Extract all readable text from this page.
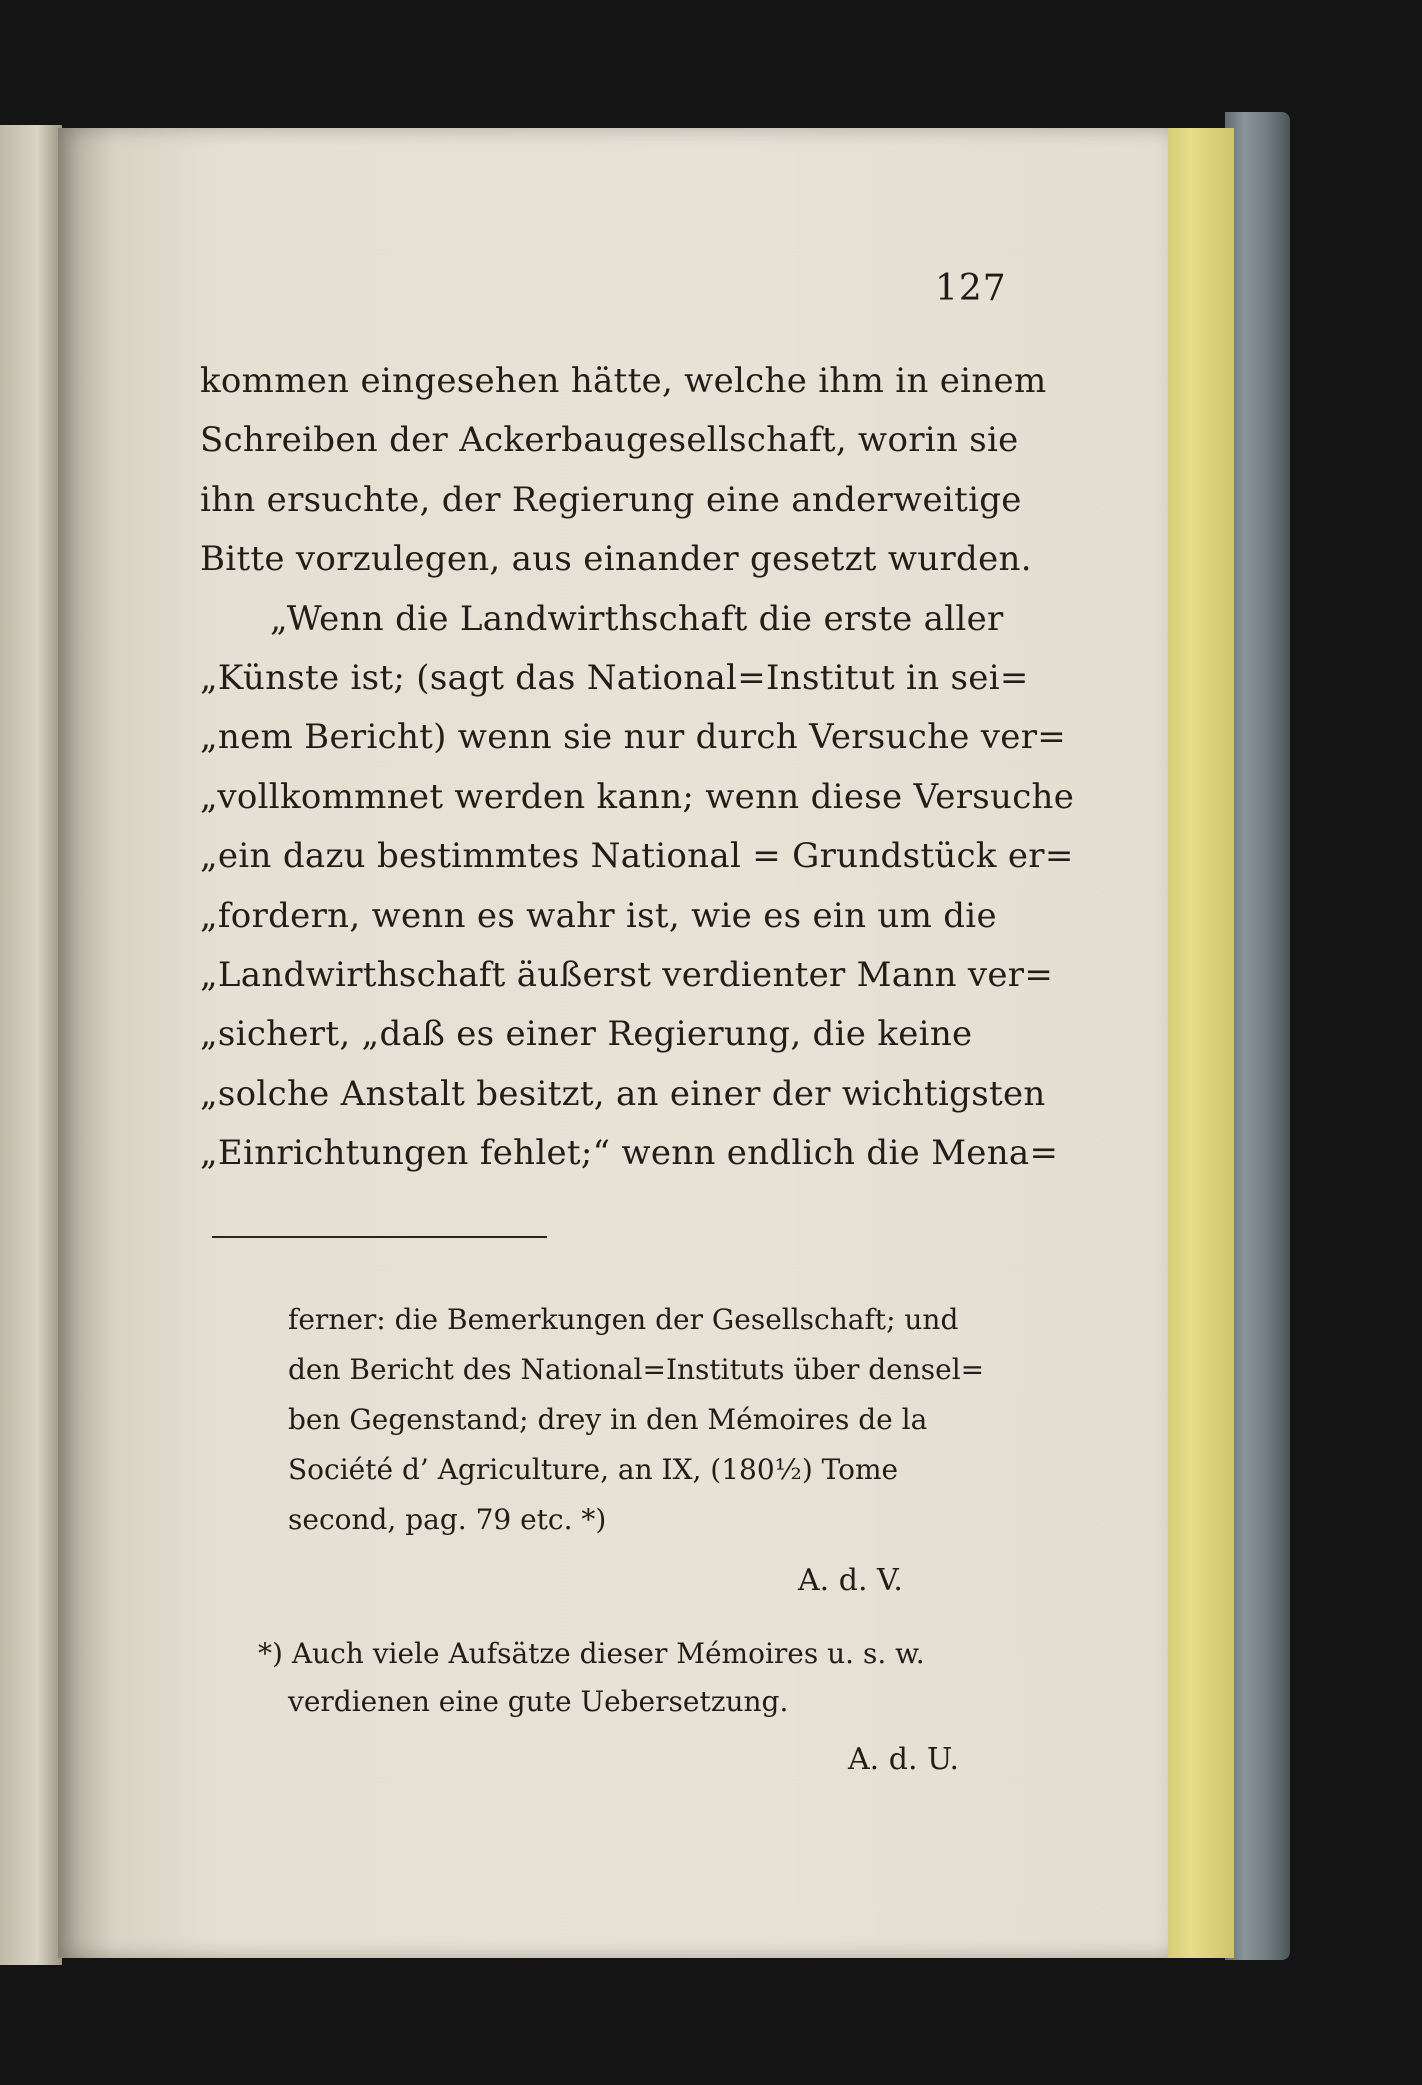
127
kommen eingesehen hätte, welche ihm in einem
Schreiben der Ackerbaugesellschaft, worin sie
ihn ersuchte, der Regierung eine anderweitige
Bitte vorzulegen, aus einander gesetzt wurden.
„Wenn die Landwirthschaft die erste aller
„Künste ist; (sagt das National=Institut in sei=
„nem Bericht) wenn sie nur durch Versuche ver=
„vollkommnet werden kann; wenn diese Versuche
„ein dazu bestimmtes National = Grundstück er=
„fordern, wenn es wahr ist, wie es ein um die
„Landwirthschaft äußerst verdienter Mann ver=
„sichert, „daß es einer Regierung, die keine
„solche Anstalt besitzt, an einer der wichtigsten
„Einrichtungen fehlet;“ wenn endlich die Mena=
ferner: die Bemerkungen der Gesellschaft; und
den Bericht des National=Instituts über densel=
ben Gegenstand; drey in den Mémoires de la
Société d’ Agriculture, an IX, (180½) Tome
second, pag. 79 etc. *)
A. d. V.
*) Auch viele Aufsätze dieser Mémoires u. s. w.
verdienen eine gute Uebersetzung.
A. d. U.
